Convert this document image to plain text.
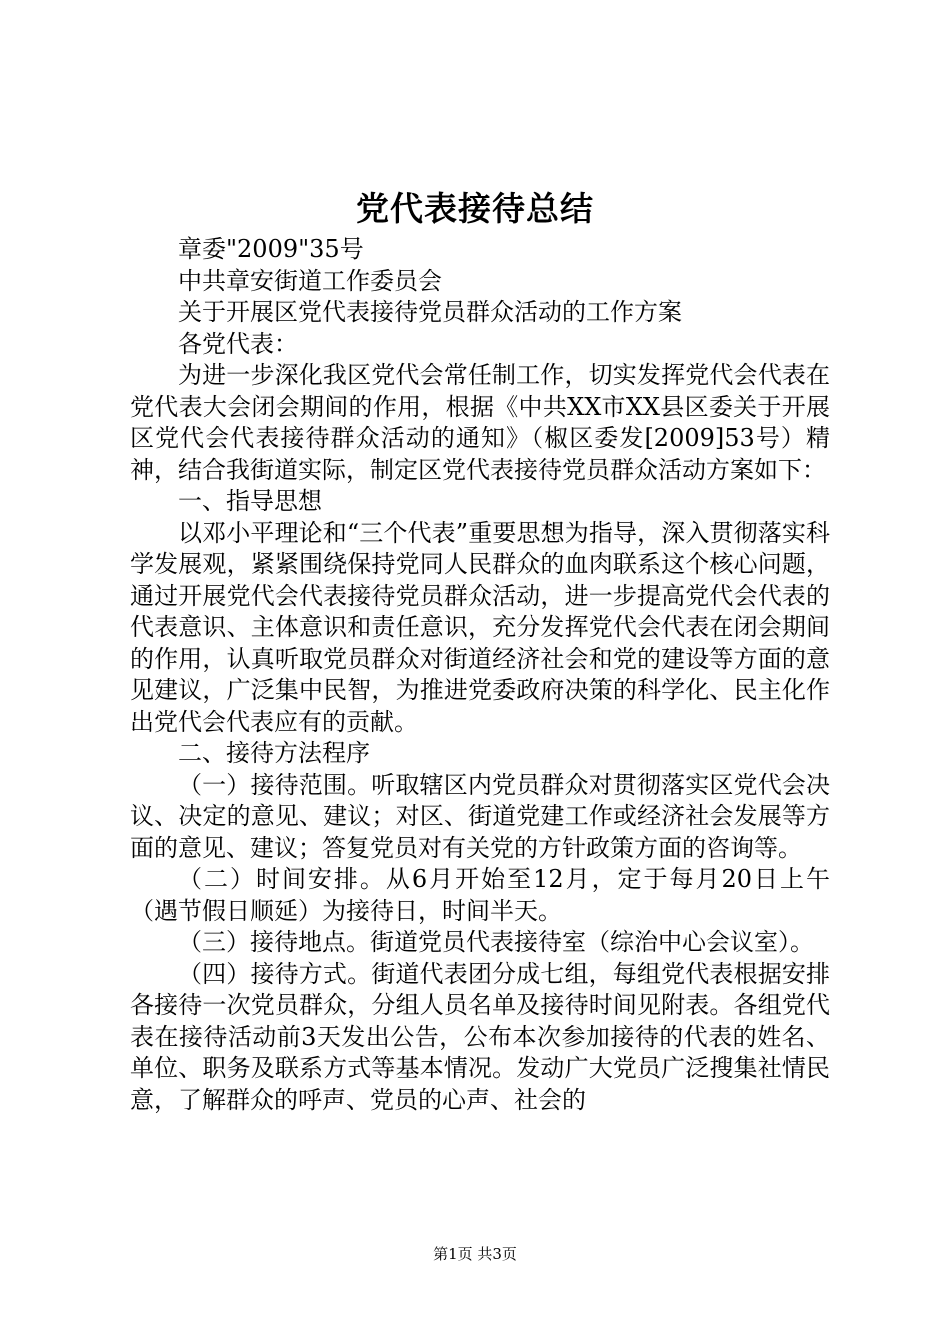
党代表接待总结
章委"2009"35号
中共章安街道工作委员会
关于开展区党代表接待党员群众活动的工作方案
各党代表：

为进一步深化我区党代会常任制工作，切实发挥党代会代表在党代表大会闭会期间的作用，根据《中共XX市XX县区委关于开展区党代会代表接待群众活动的通知》（椒区委发[2009]53号）精神，结合我街道实际，制定区党代表接待党员群众活动方案如下：

一、指导思想

以邓小平理论和“三个代表”重要思想为指导，深入贯彻落实科学发展观，紧紧围绕保持党同人民群众的血肉联系这个核心问题，通过开展党代会代表接待党员群众活动，进一步提高党代会代表的代表意识、主体意识和责任意识，充分发挥党代会代表在闭会期间的作用，认真听取党员群众对街道经济社会和党的建设等方面的意见建议，广泛集中民智，为推进党委政府决策的科学化、民主化作出党代会代表应有的贡献。

二、接待方法程序

（一）接待范围。听取辖区内党员群众对贯彻落实区党代会决议、决定的意见、建议；对区、街道党建工作或经济社会发展等方面的意见、建议；答复党员对有关党的方针政策方面的咨询等。

（二）时间安排。从6月开始至12月，定于每月20日上午（遇节假日顺延）为接待日，时间半天。

（三）接待地点。街道党员代表接待室（综治中心会议室）。

（四）接待方式。街道代表团分成七组，每组党代表根据安排各接待一次党员群众，分组人员名单及接待时间见附表。各组党代表在接待活动前3天发出公告，公布本次参加接待的代表的姓名、单位、职务及联系方式等基本情况。发动广大党员广泛搜集社情民意，了解群众的呼声、党员的心声、社会的

第1页 共3页
